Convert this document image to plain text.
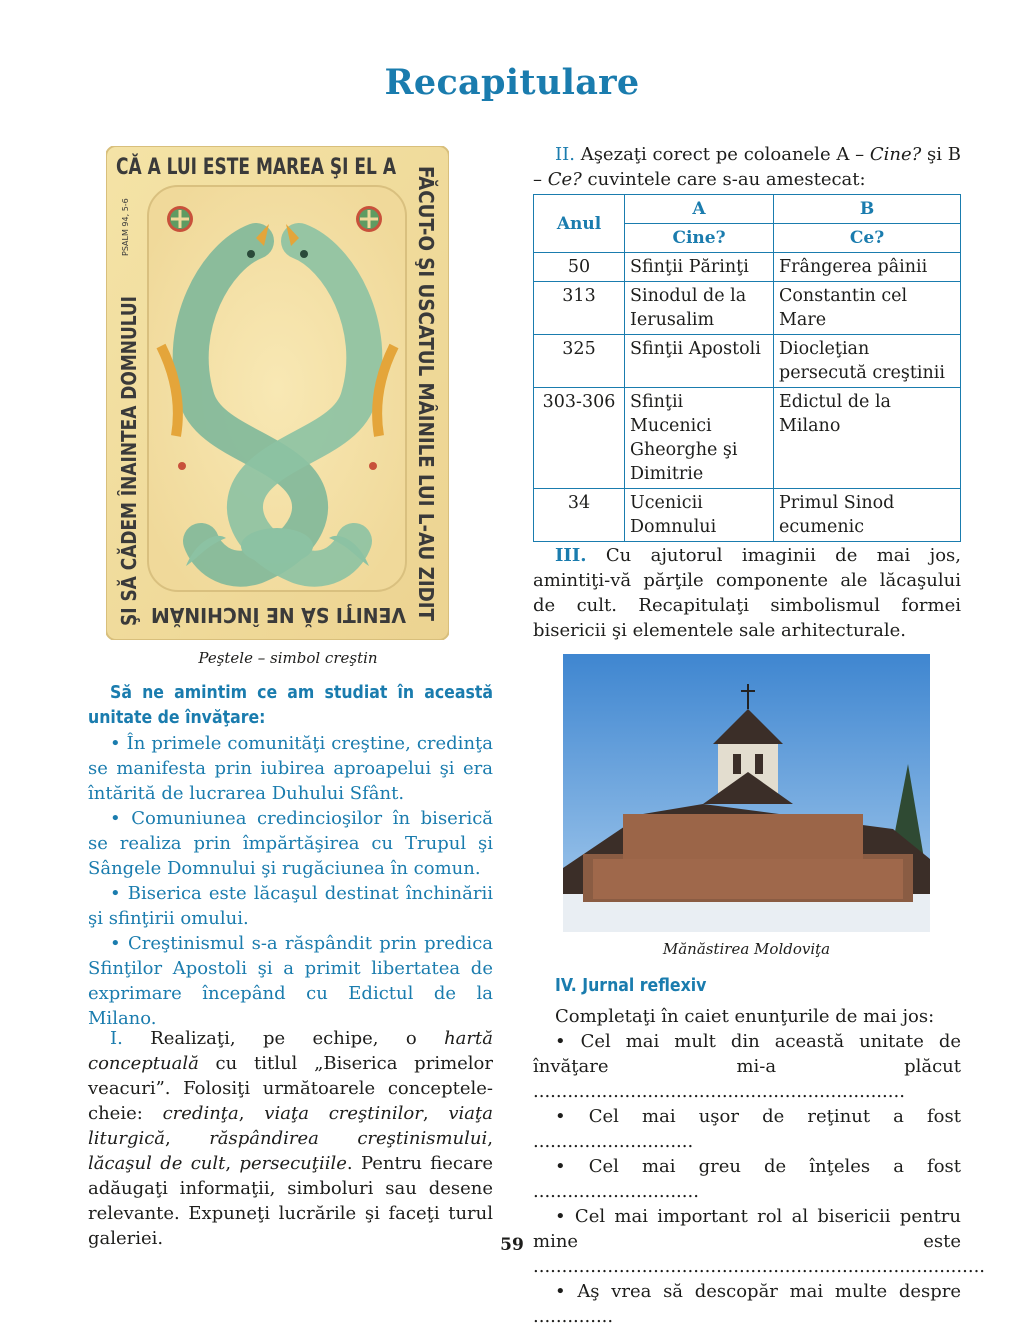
Recapitulare
CĂ A LUI ESTE MAREA ŞI EL A
FĂCUT-O ŞI USCATUL MÂINILE LUI L-AU ZIDIT
VENIŢI SĂ NE ÎNCHINĂM
ŞI SĂ CĂDEM ÎNAINTEA DOMNULUI
PSALM 94, 5-6
Peştele – simbol creştin

Să ne amintim ce am studiat în această unitate de învăţare:

• În primele comunităţi creştine, credinţa se manifesta prin iubirea aproapelui şi era întărită de lucrarea Duhului Sfânt.

• Comuniunea credincioşilor în biserică se realiza prin împărtăşirea cu Trupul şi Sângele Domnului şi rugăciunea în comun.

• Biserica este lăcaşul destinat închinării şi sfinţirii omului.

• Creştinismul s-a răspândit prin predica Sfinţilor Apostoli şi a primit libertatea de exprimare începând cu Edictul de la Milano.

I. Realizaţi, pe echipe, o hartă conceptuală cu titlul „Biserica primelor veacuri”. Folosiţi următoarele conceptele-cheie: credinţa, viaţa creştinilor, viaţa liturgică, răspândirea creştinismului, lăcaşul de cult, persecuţiile. Pentru fiecare adăugaţi informaţii, simboluri sau desene relevante. Expuneţi lucrările şi faceţi turul galeriei.

II. Aşezaţi corect pe coloanele A – Cine? şi B – Ce? cuvintele care s-au amestecat:

Anul	A	B
	Cine?	Ce?
50	Sfinţii Părinţi	Frângerea pâinii
313	Sinodul de la Ierusalim	Constantin cel Mare
325	Sfinţii Apostoli	Diocleţian persecută creştinii
303-306	Sfinţii Mucenici Gheorghe şi Dimitrie	Edictul de la Milano
34	Ucenicii Domnului	Primul Sinod ecumenic

III. Cu ajutorul imaginii de mai jos, amintiţi-vă părţile componente ale lăcaşului de cult. Recapitulaţi simbolismul formei bisericii şi elementele sale arhitecturale.

Mănăstirea Moldoviţa

IV. Jurnal reflexiv

Completaţi în caiet enunţurile de mai jos:

• Cel mai mult din această unitate de învăţare mi-a plăcut .................................................................

• Cel mai uşor de reţinut a fost ............................

• Cel mai greu de înţeles a fost .............................

• Cel mai important rol al bisericii pentru mine este ...............................................................................

• Aş vrea să descopăr mai multe despre ..............

59
